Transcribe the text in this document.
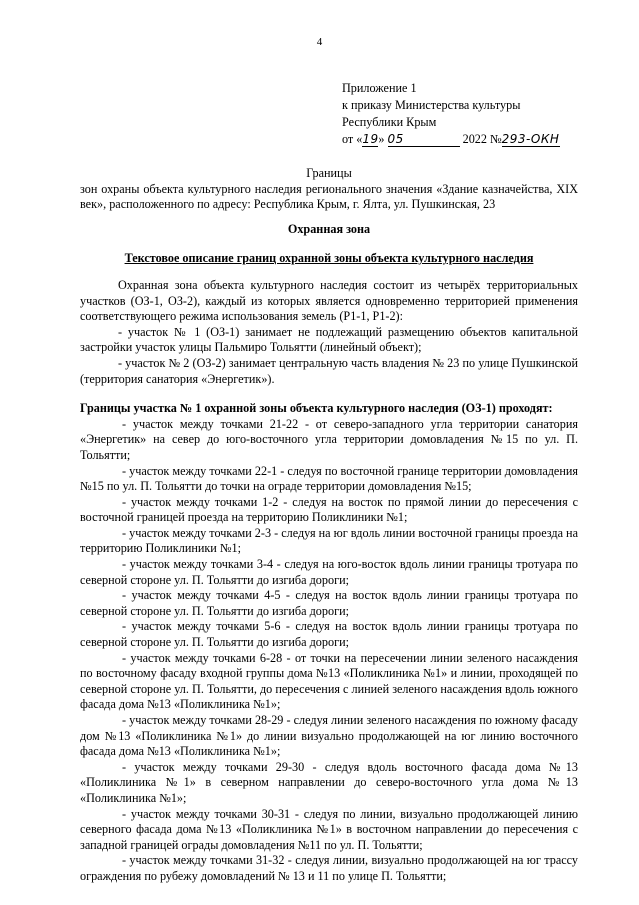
4
Приложение 1
к приказу Министерства культуры
Республики Крым
от «19» 05	2022 №293-ОКН

Границы

зон охраны объекта культурного наследия регионального значения «Здание казначейства, XIX век», расположенного по адресу: Республика Крым, г. Ялта, ул. Пушкинская, 23

Охранная зона

Текстовое описание границ охранной зоны объекта культурного наследия

Охранная зона объекта культурного наследия состоит из четырёх территориальных участков (ОЗ-1, ОЗ-2), каждый из которых является одновременно территорией применения соответствующего режима использования земель (Р1-1, Р1-2):

- участок № 1 (ОЗ-1) занимает не подлежащий размещению объектов капитальной застройки участок улицы Пальмиро Тольятти (линейный объект);

- участок № 2 (ОЗ-2) занимает центральную часть владения № 23 по улице Пушкинской (территория санатория «Энергетик»).

Границы участка № 1 охранной зоны объекта культурного наследия (ОЗ-1) проходят:

- участок между точками 21-22 - от северо-западного угла территории санатория «Энергетик» на север до юго-восточного угла территории домовладения №15 по ул. П. Тольятти;

- участок между точками 22-1 - следуя по восточной границе территории домовладения №15 по ул. П. Тольятти до точки на ограде территории домовладения №15;

- участок между точками 1-2 - следуя на восток по прямой линии до пересечения с восточной границей проезда на территорию Поликлиники №1;

- участок между точками 2-3 - следуя на юг вдоль линии восточной границы проезда на территорию Поликлиники №1;

- участок между точками 3-4 - следуя на юго-восток вдоль линии границы тротуара по северной стороне ул. П. Тольятти до изгиба дороги;

- участок между точками 4-5 - следуя на восток вдоль линии границы тротуара по северной стороне ул. П. Тольятти до изгиба дороги;

- участок между точками 5-6 - следуя на восток вдоль линии границы тротуара по северной стороне ул. П. Тольятти до изгиба дороги;

- участок между точками 6-28 - от точки на пересечении линии зеленого насаждения по восточному фасаду входной группы дома №13 «Поликлиника №1» и линии, проходящей по северной стороне ул. П. Тольятти, до пересечения с линией зеленого насаждения вдоль южного фасада дома №13 «Поликлиника №1»;

- участок между точками 28-29 - следуя линии зеленого насаждения по южному фасаду дом №13 «Поликлиника №1» до линии визуально продолжающей на юг линию восточного фасада дома №13 «Поликлиника №1»;

- участок между точками 29-30 - следуя вдоль восточного фасада дома №13 «Поликлиника №1» в северном направлении до северо-восточного угла дома №13 «Поликлиника №1»;

- участок между точками 30-31 - следуя по линии, визуально продолжающей линию северного фасада дома №13 «Поликлиника №1» в восточном направлении до пересечения с западной границей ограды домовладения №11 по ул. П. Тольятти;

- участок между точками 31-32 - следуя линии, визуально продолжающей на юг трассу ограждения по рубежу домовладений № 13 и 11 по улице П. Тольятти;
